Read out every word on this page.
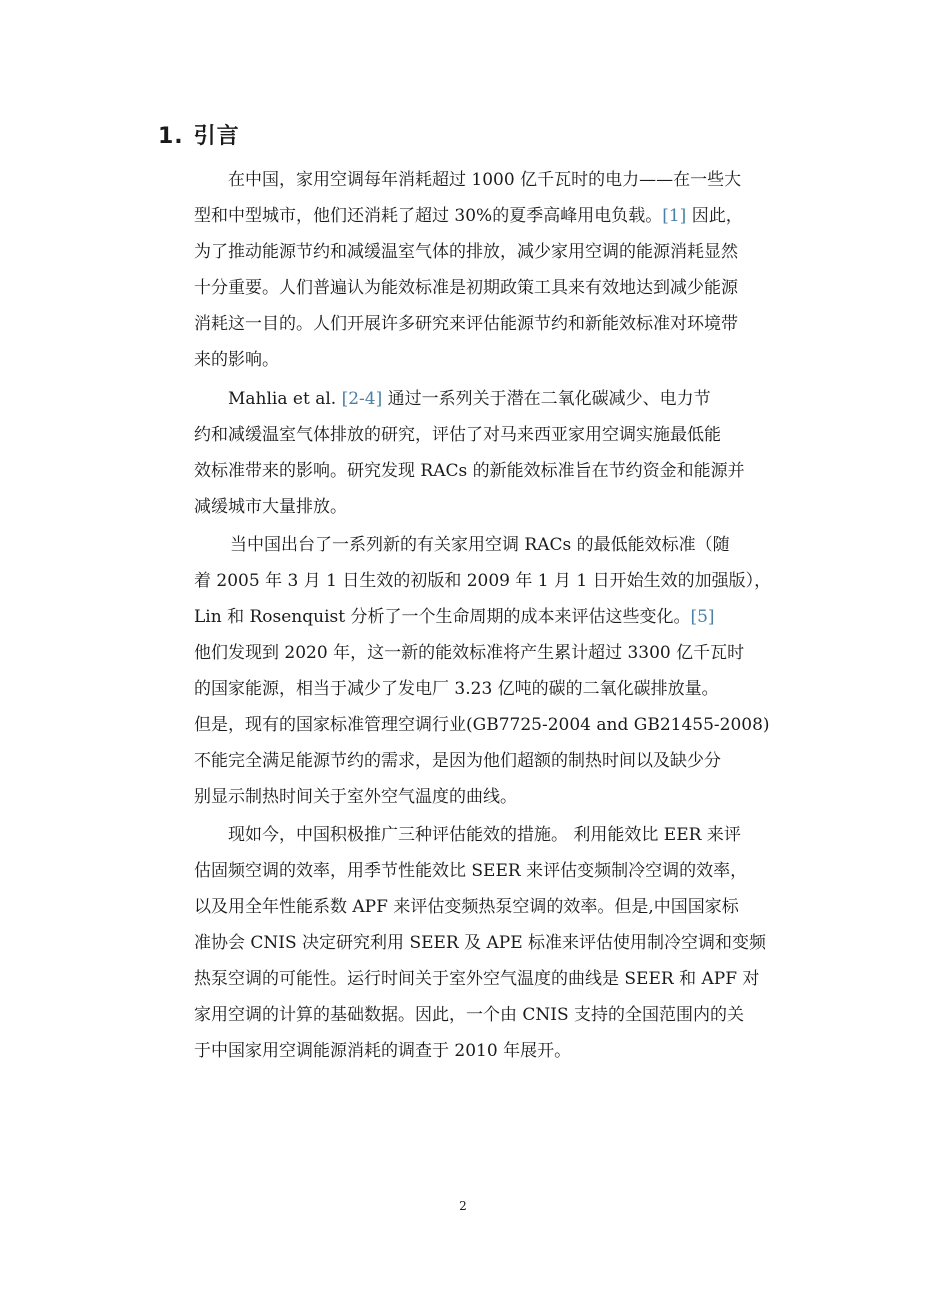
1. 引言
在中国，家用空调每年消耗超过 1000 亿千瓦时的电力——在一些大
型和中型城市，他们还消耗了超过 30%的夏季高峰用电负载。[1] 因此，
为了推动能源节约和减缓温室气体的排放，减少家用空调的能源消耗显然
十分重要。人们普遍认为能效标准是初期政策工具来有效地达到减少能源
消耗这一目的。人们开展许多研究来评估能源节约和新能效标准对环境带
来的影响。
Mahlia et al. [2-4] 通过一系列关于潜在二氧化碳减少、电力节
约和减缓温室气体排放的研究，评估了对马来西亚家用空调实施最低能
效标准带来的影响。研究发现 RACs 的新能效标准旨在节约资金和能源并
减缓城市大量排放。
当中国出台了一系列新的有关家用空调 RACs 的最低能效标准（随
着 2005 年 3 月 1 日生效的初版和 2009 年 1 月 1 日开始生效的加强版），
Lin 和 Rosenquist 分析了一个生命周期的成本来评估这些变化。[5]
他们发现到 2020 年，这一新的能效标准将产生累计超过 3300 亿千瓦时
的国家能源，相当于减少了发电厂 3.23 亿吨的碳的二氧化碳排放量。
但是，现有的国家标准管理空调行业(GB7725-2004 and GB21455-2008)
不能完全满足能源节约的需求，是因为他们超额的制热时间以及缺少分
别显示制热时间关于室外空气温度的曲线。
现如今，中国积极推广三种评估能效的措施。 利用能效比 EER 来评
估固频空调的效率，用季节性能效比 SEER 来评估变频制冷空调的效率，
以及用全年性能系数 APF 来评估变频热泵空调的效率。但是,中国国家标
准协会 CNIS 决定研究利用 SEER 及 APE 标准来评估使用制冷空调和变频
热泵空调的可能性。运行时间关于室外空气温度的曲线是 SEER 和 APF 对
家用空调的计算的基础数据。因此，一个由 CNIS 支持的全国范围内的关
于中国家用空调能源消耗的调查于 2010 年展开。
2
